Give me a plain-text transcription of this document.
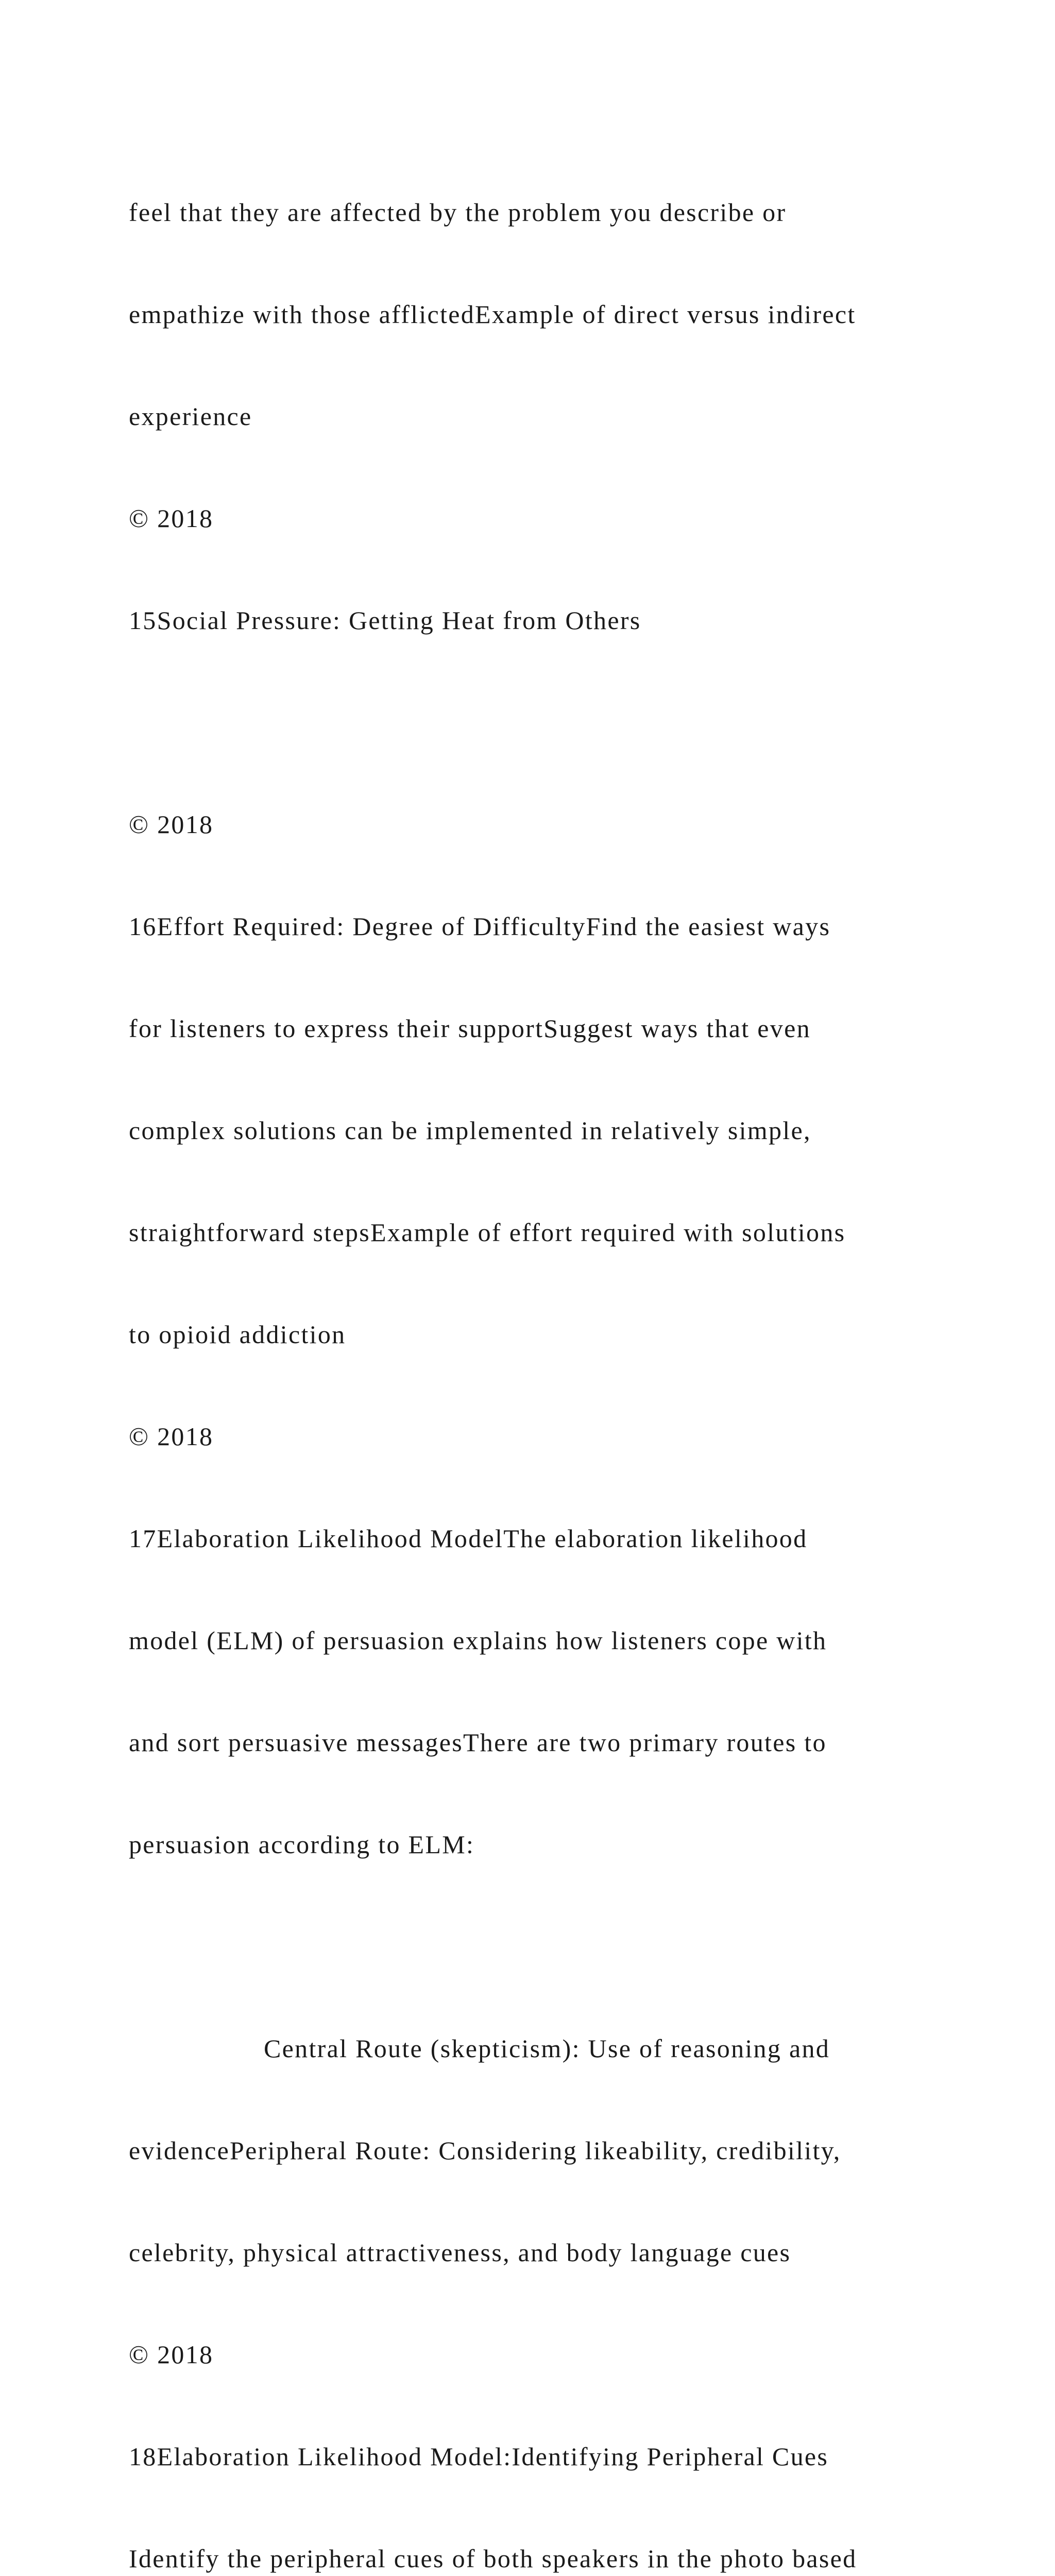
feel that they are affected by the problem you describe or

empathize with those afflictedExample of direct versus indirect

experience

© 2018

15Social Pressure: Getting Heat from Others

© 2018

16Effort Required: Degree of DifficultyFind the easiest ways

for listeners to express their supportSuggest ways that even

complex solutions can be implemented in relatively simple,

straightforward stepsExample of effort required with solutions

to opioid addiction

© 2018

17Elaboration Likelihood ModelThe elaboration likelihood

model (ELM) of persuasion explains how listeners cope with

and sort persuasive messagesThere are two primary routes to

persuasion according to ELM:

Central Route (skepticism): Use of reasoning and

evidencePeripheral Route: Considering likeability, credibility,

celebrity, physical attractiveness, and body language cues

© 2018

18Elaboration Likelihood Model:Identifying Peripheral Cues

Identify the peripheral cues of both speakers in the photo based
